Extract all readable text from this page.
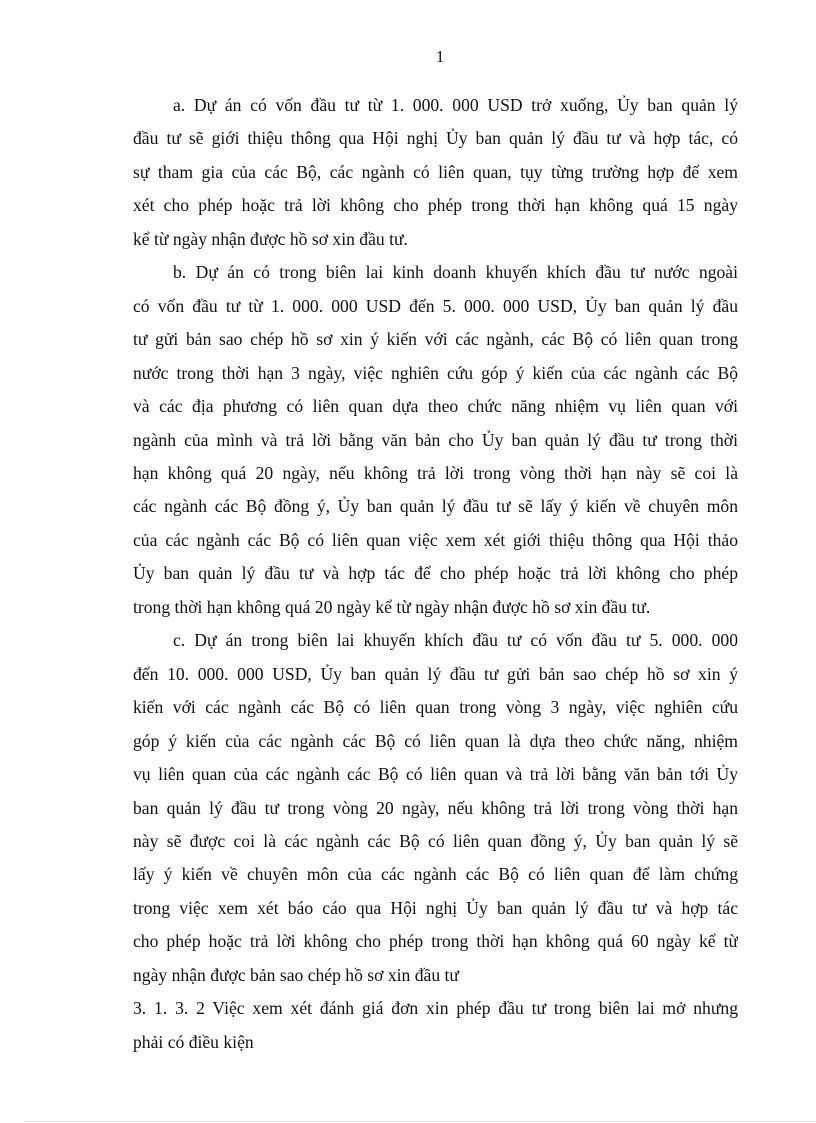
1
a. Dự án có vốn đầu tư từ 1. 000. 000 USD trở xuống, Ủy ban quản lý
đầu tư sẽ giới thiệu thông qua Hội nghị Ủy ban quản lý đầu tư và hợp tác, có
sự tham gia của các Bộ, các ngành có liên quan, tụy từng trường hợp để xem
xét cho phép hoặc trả lời không cho phép trong thời hạn không quá 15 ngày
kể từ ngày nhận được hồ sơ xin đầu tư.
b. Dự án có trong biên lai kinh doanh khuyến khích đầu tư nước ngoài
có vốn đầu tư từ 1. 000. 000 USD đến 5. 000. 000 USD, Ủy ban quản lý đầu
tư gửi bản sao chép hồ sơ xin ý kiến với các ngành, các Bộ có liên quan trong
nước trong thời hạn 3 ngày, việc nghiên cứu góp ý kiến của các ngành các Bộ
và các địa phương có liên quan dựa theo chức năng nhiệm vụ liên quan với
ngành của mình và trả lời bằng văn bản cho Ủy ban quản lý đầu tư trong thời
hạn không quá 20 ngày, nếu không trả lời trong vòng thời hạn này sẽ coi là
các ngành các Bộ đồng ý, Ủy ban quản lý đầu tư sẽ lấy ý kiến về chuyên môn
của các ngành các Bộ có liên quan việc xem xét giới thiệu thông qua Hội thảo
Ủy ban quản lý đầu tư và hợp tác để cho phép hoặc trả lời không cho phép
trong thời hạn không quá 20 ngày kể từ ngày nhận được hồ sơ xin đầu tư.
c. Dự án trong biên lai khuyến khích đầu tư có vốn đầu tư 5. 000. 000
đến 10. 000. 000 USD, Ủy ban quản lý đầu tư gửi bản sao chép hồ sơ xin ý
kiến với các ngành các Bộ có liên quan trong vòng 3 ngày, việc nghiên cứu
góp ý kiến của các ngành các Bộ có liên quan là dựa theo chức năng, nhiệm
vụ liên quan của các ngành các Bộ có liên quan và trả lời bằng văn bản tới Ủy
ban quản lý đầu tư trong vòng 20 ngày, nếu không trả lời trong vòng thời hạn
này sẽ được coi là các ngành các Bộ có liên quan đồng ý, Ủy ban quản lý sẽ
lấy ý kiến về chuyên môn của các ngành các Bộ có liên quan để làm chứng
trong việc xem xét báo cáo qua Hội nghị Ủy ban quản lý đầu tư và hợp tác
cho phép hoặc trả lời không cho phép trong thời hạn không quá 60 ngày kể từ
ngày nhận được bản sao chép hồ sơ xin đầu tư
3. 1. 3. 2 Việc xem xét đánh giá đơn xin phép đầu tư trong biên lai mở nhưng
phải có điều kiện
